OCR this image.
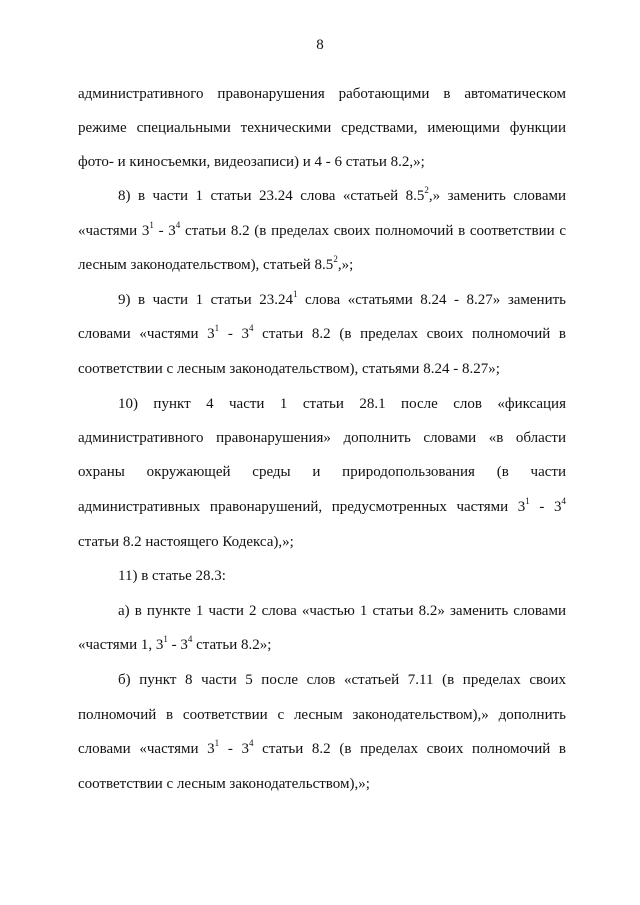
8
административного правонарушения работающими в автоматическом
режиме специальными техническими средствами, имеющими функции
фото- и киносъемки, видеозаписи) и 4 - 6 статьи 8.2,»;
8) в части 1 статьи 23.24 слова «статьей $8.5^2$,» заменить словами
«частями $3^1 - 3^4$ статьи 8.2 (в пределах своих полномочий в соответствии с
лесным законодательством), статьей $8.5^2$,»;
9) в части 1 статьи 23.24$^1$ слова «статьями 8.24 - 8.27» заменить
словами «частями $3^1 - 3^4$ статьи 8.2 (в пределах своих полномочий в
соответствии с лесным законодательством), статьями 8.24 - 8.27»;
10) пункт 4 части 1 статьи 28.1 после слов «фиксация
административного правонарушения» дополнить словами «в области
охраны окружающей среды и природопользования (в части
административных правонарушений, предусмотренных частями $3^1 - 3^4$
статьи 8.2 настоящего Кодекса),»;
11) в статье 28.3:
а) в пункте 1 части 2 слова «частью 1 статьи 8.2» заменить словами
«частями 1, $3^1 - 3^4$ статьи 8.2»;
б) пункт 8 части 5 после слов «статьей 7.11 (в пределах своих
полномочий в соответствии с лесным законодательством),» дополнить
словами «частями $3^1 - 3^4$ статьи 8.2 (в пределах своих полномочий в
соответствии с лесным законодательством),»;
